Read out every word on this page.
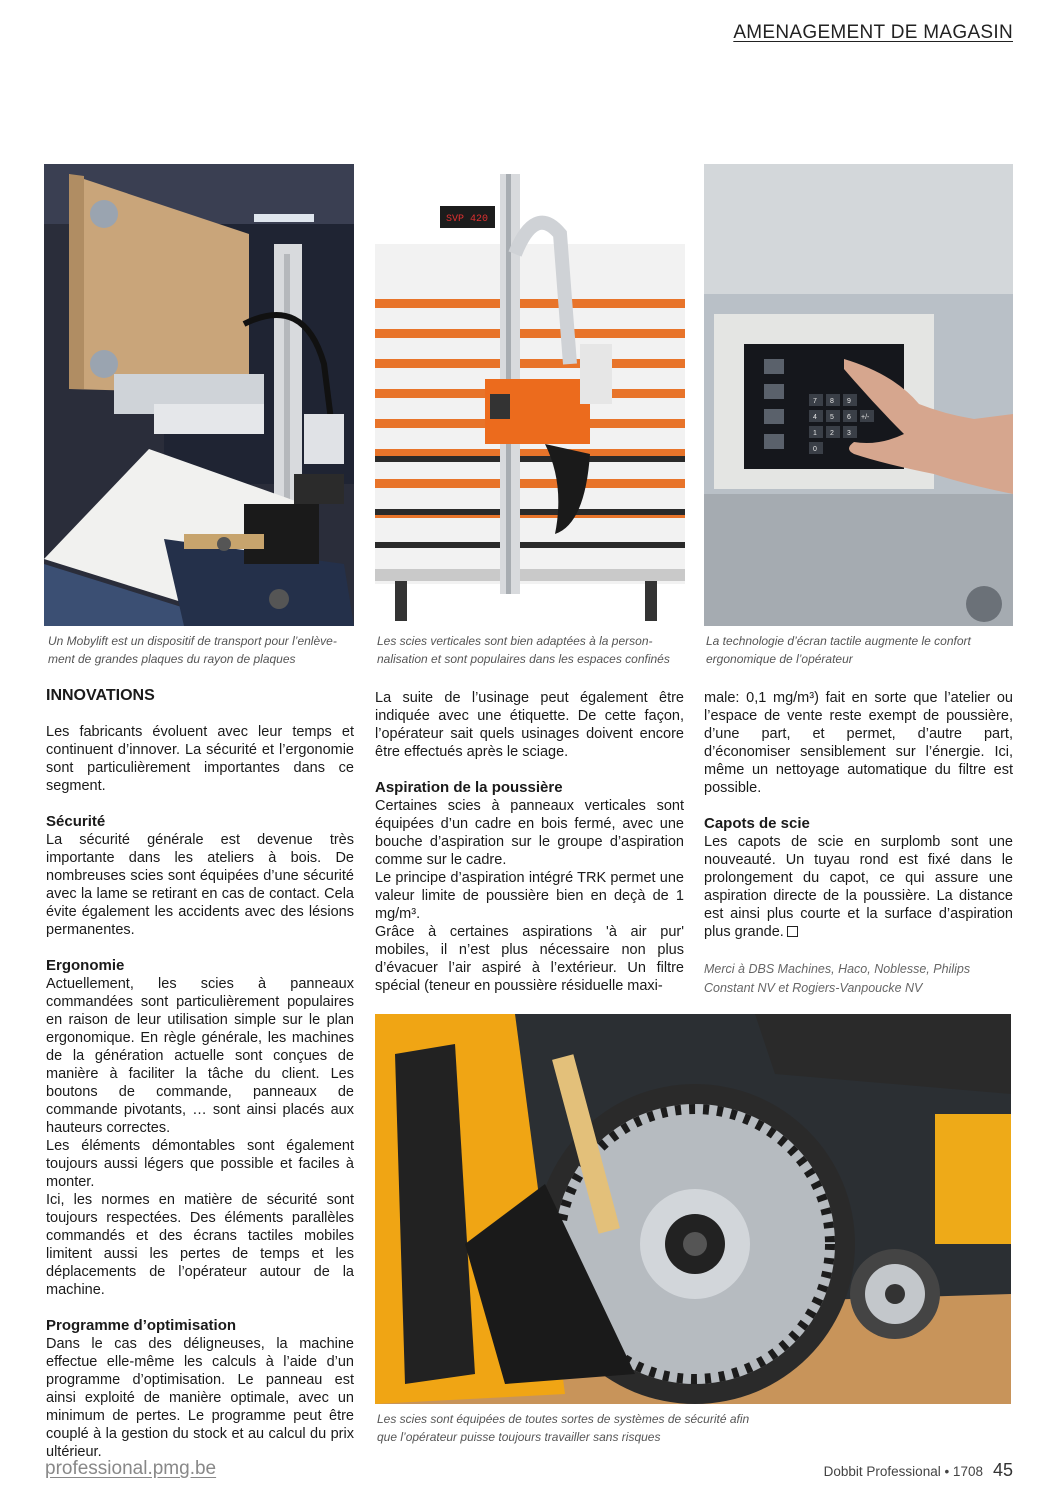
AMENAGEMENT DE MAGASIN
Un Mobylift est un dispositif de transport pour l’enlève-ment de grandes plaques du rayon de plaques
SVP 420
Les scies verticales sont bien adaptées à la person-nalisation et sont populaires dans les espaces confinés
7 8 9
4 5 6
1 2 3
0
+/-
La technologie d’écran tactile augmente le confort ergonomique de l’opérateur
INNOVATIONS

Les fabricants évoluent avec leur temps et continuent d’innover. La sécurité et l’ergonomie sont particulièrement importantes dans ce segment.

Sécurité

La sécurité générale est devenue très importante dans les ateliers à bois. De nombreuses scies sont équipées d’une sécurité avec la lame se retirant en cas de contact. Cela évite également les accidents avec des lésions permanentes.

Ergonomie

Actuellement, les scies à panneaux commandées sont particulièrement populaires en raison de leur utilisation simple sur le plan ergonomique. En règle générale, les machines de la génération actuelle sont conçues de manière à faciliter la tâche du client. Les boutons de commande, panneaux de commande pivotants, … sont ainsi placés aux hauteurs correctes.

Les éléments démontables sont également toujours aussi légers que possible et faciles à monter.

Ici, les normes en matière de sécurité sont toujours respectées. Des éléments parallèles commandés et des écrans tactiles mobiles limitent aussi les pertes de temps et les déplacements de l’opérateur autour de la machine.

Programme d’optimisation

Dans le cas des déligneuses, la machine effectue elle-même les calculs à l’aide d’un programme d’optimisation. Le panneau est ainsi exploité de manière optimale, avec un minimum de pertes. Le programme peut être couplé à la gestion du stock et au calcul du prix ultérieur.

La suite de l’usinage peut également être indiquée avec une étiquette. De cette façon, l’opérateur sait quels usinages doivent encore être effectués après le sciage.

Aspiration de la poussière

Certaines scies à panneaux verticales sont équipées d’un cadre en bois fermé, avec une bouche d’aspiration sur le groupe d’aspiration comme sur le cadre.

Le principe d’aspiration intégré TRK permet une valeur limite de poussière bien en deçà de 1 mg/m³.

Grâce à certaines aspirations 'à air pur' mobiles, il n’est plus nécessaire non plus d’évacuer l’air aspiré à l’extérieur. Un filtre spécial (teneur en poussière résiduelle maxi-

male: 0,1 mg/m³) fait en sorte que l’atelier ou l’espace de vente reste exempt de poussière, d’une part, et permet, d’autre part, d’économiser sensiblement sur l’énergie. Ici, même un nettoyage automatique du filtre est possible.

Capots de scie

Les capots de scie en surplomb sont une nouveauté. Un tuyau rond est fixé dans le prolongement du capot, ce qui assure une aspiration directe de la poussière. La distance est ainsi plus courte et la surface d’aspiration plus grande.

Merci à DBS Machines, Haco, Noblesse, Philips Constant NV et Rogiers-Vanpoucke NV
Les scies sont équipées de toutes sortes de systèmes de sécurité afin que l’opérateur puisse toujours travailler sans risques
professional.pmg.be	Dobbit Professional • 1708 45
